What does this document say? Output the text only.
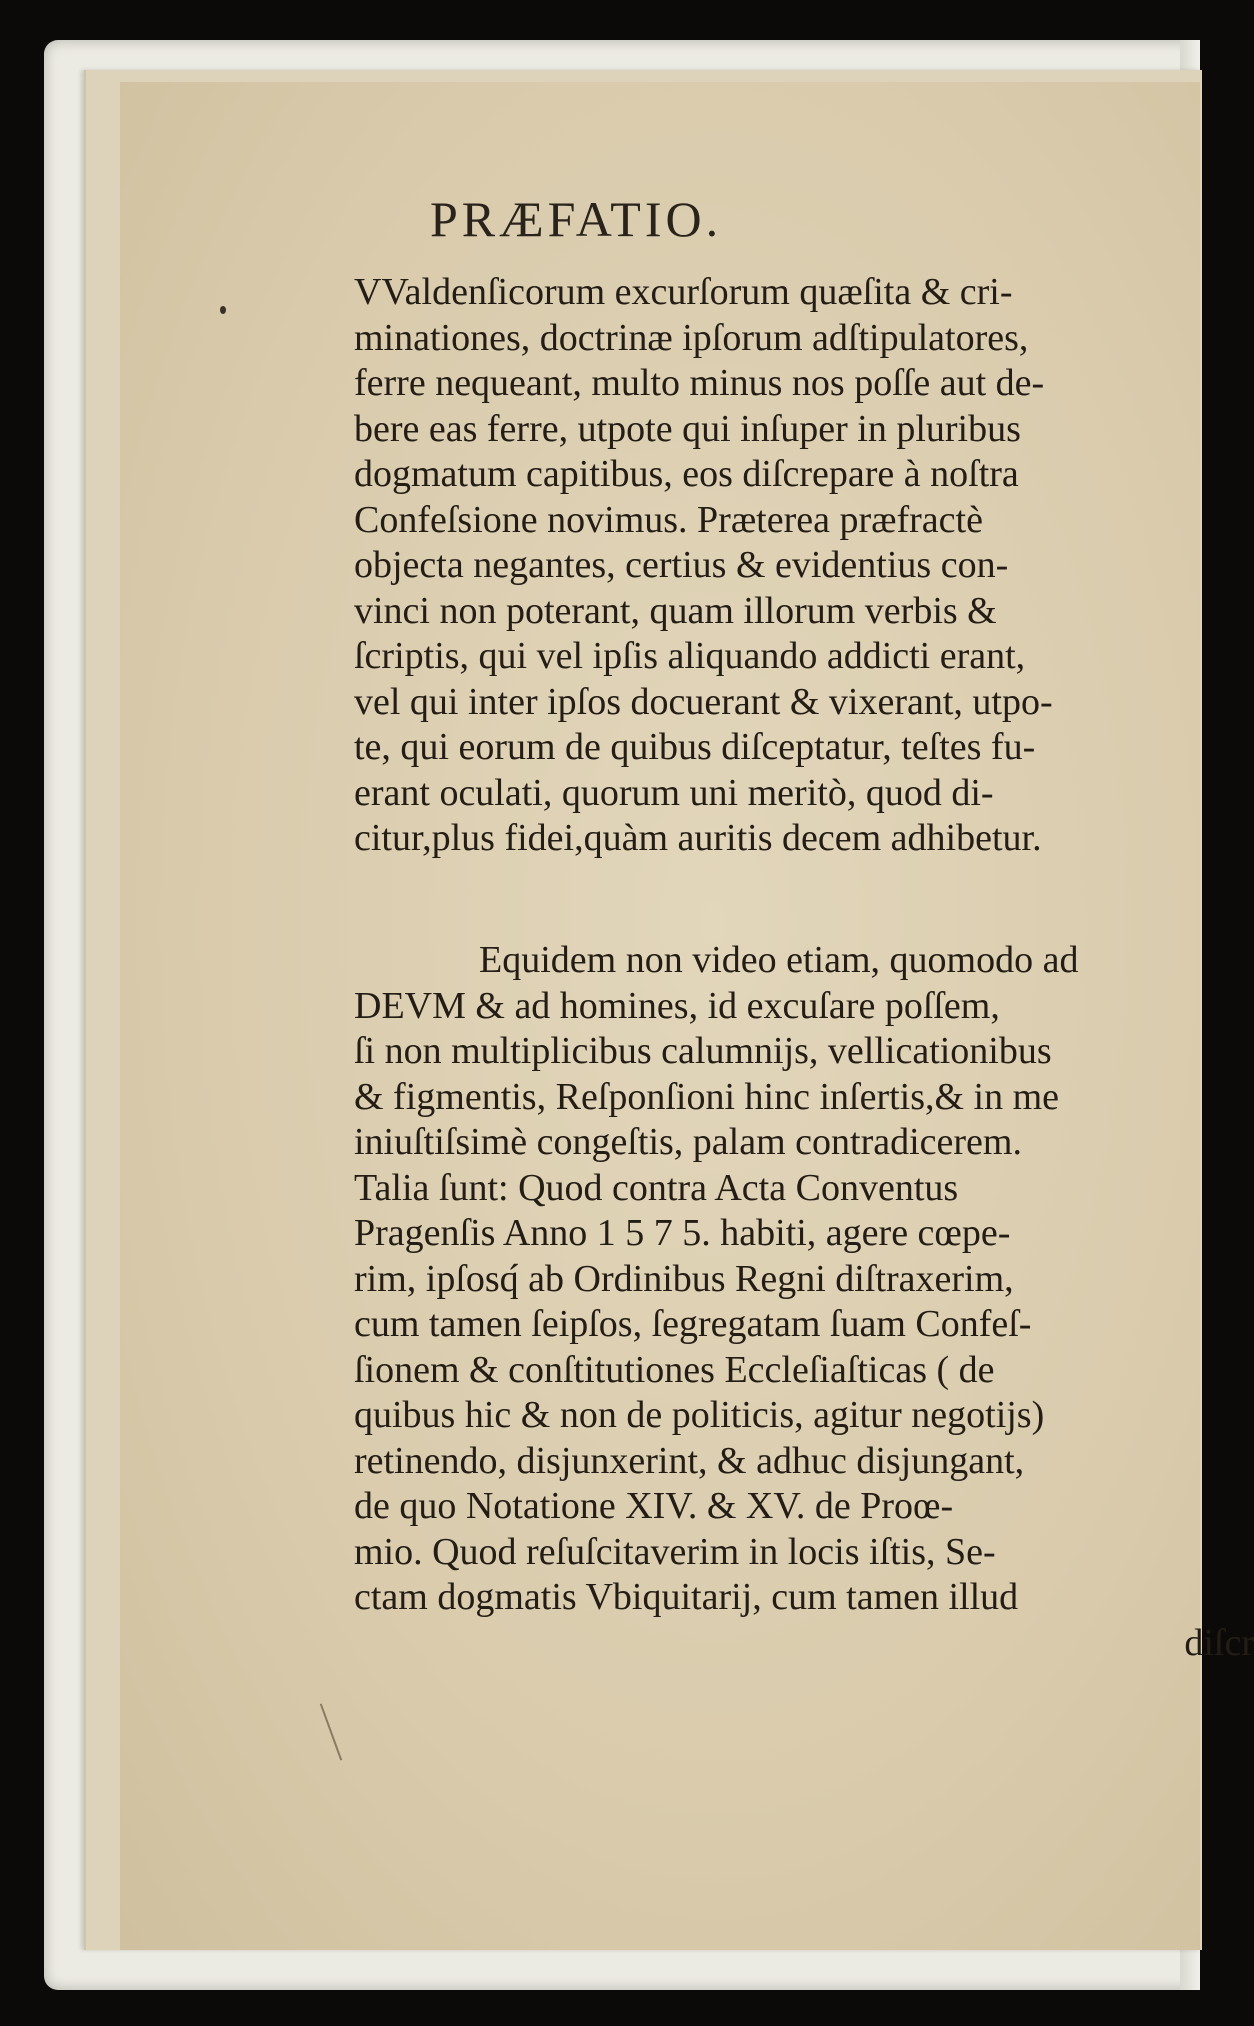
PRÆFATIO.
VValdenſicorum excurſorum quæſita & cri-
minationes, doctrinæ ipſorum adſtipulatores,
ferre nequeant, multo minus nos poſſe aut de-
bere eas ferre, utpote qui inſuper in pluribus
dogmatum capitibus, eos diſcrepare à noſtra
Confeſsione novimus. Præterea præfractè
objecta negantes, certius & evidentius con-
vinci non poterant, quam illorum verbis &
ſcriptis, qui vel ipſis aliquando addicti erant,
vel qui inter ipſos docuerant & vixerant, utpo-
te, qui eorum de quibus diſceptatur, teſtes fu-
erant oculati, quorum uni meritò, quod di-
citur,plus fidei,quàm auritis decem adhibetur.
Equidem non video etiam, quomodo ad
DEVM & ad homines, id excuſare poſſem,
ſi non multiplicibus calumnijs, vellicationibus
& figmentis, Reſponſioni hinc inſertis,& in me
iniuſtiſsimè congeſtis, palam contradicerem.
Talia ſunt: Quod contra Acta Conventus
Pragenſis Anno 1 5 7 5. habiti, agere cœpe-
rim, ipſosq́ ab Ordinibus Regni diſtraxerim,
cum tamen ſeipſos, ſegregatam ſuam Confeſ-
ſionem & conſtitutiones Eccleſiaſticas ( de
quibus hic & non de politicis, agitur negotijs)
retinendo, disjunxerint, & adhuc disjungant,
de quo Notatione XIV. & XV. de Proœ-
mio. Quod reſuſcitaverim in locis iſtis, Se-
ctam dogmatis Vbiquitarij, cum tamen illud
diſcr
